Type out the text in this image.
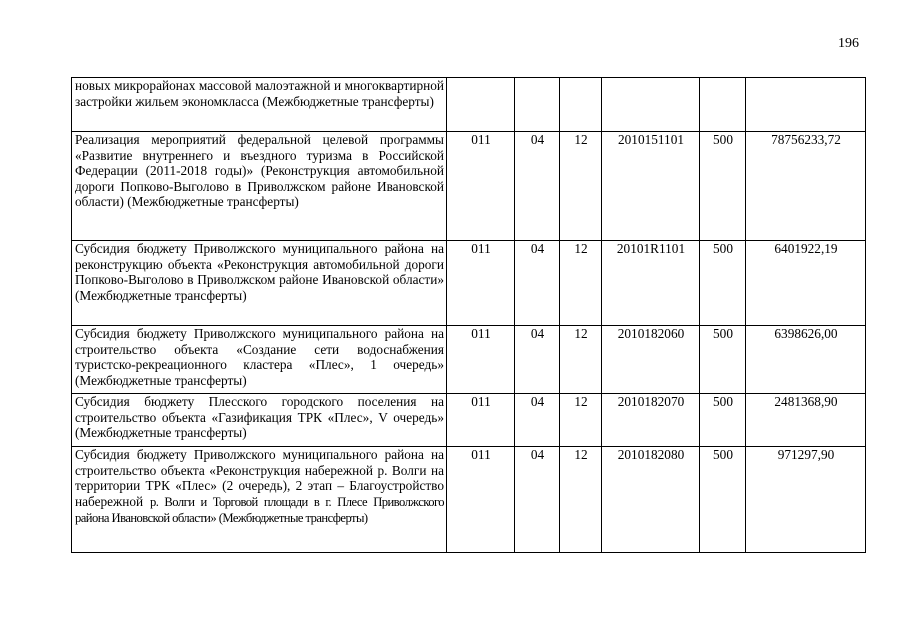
196
новых микрорайонах массовой малоэтажной и многоквартирной застройки жильем экономкласса (Межбюджетные трансферты)						
Реализация мероприятий федеральной целевой программы «Развитие внутреннего и въездного туризма в Российской Федерации (2011-2018 годы)» (Реконструкция автомобильной дороги Попково-Выголово в Приволжском районе Ивановской области) (Межбюджетные трансферты)	011	04	12	2010151101	500	78756233,72
Субсидия бюджету Приволжского муниципального района на реконструкцию объекта «Реконструкция автомобильной дороги Попково-Выголово в Приволжском районе Ивановской области» (Межбюджетные трансферты)	011	04	12	20101R1101	500	6401922,19
Субсидия бюджету Приволжского муниципального района на строительство объекта «Создание сети водоснабжения туристско-рекреационного кластера «Плес», 1 очередь» (Межбюджетные трансферты)	011	04	12	2010182060	500	6398626,00
Субсидия бюджету Плесского городского поселения на строительство объекта «Газификация ТРК «Плес», V очередь» (Межбюджетные трансферты)	011	04	12	2010182070	500	2481368,90
Субсидия бюджету Приволжского муниципального района на строительство объекта «Реконструкция набережной р. Волги на территории ТРК «Плес» (2 очередь), 2 этап – Благоустройство набережной р. Волги и Торговой площади в г. Плесе Приволжского района Ивановской области» (Межбюджетные трансферты)	011	04	12	2010182080	500	971297,90
